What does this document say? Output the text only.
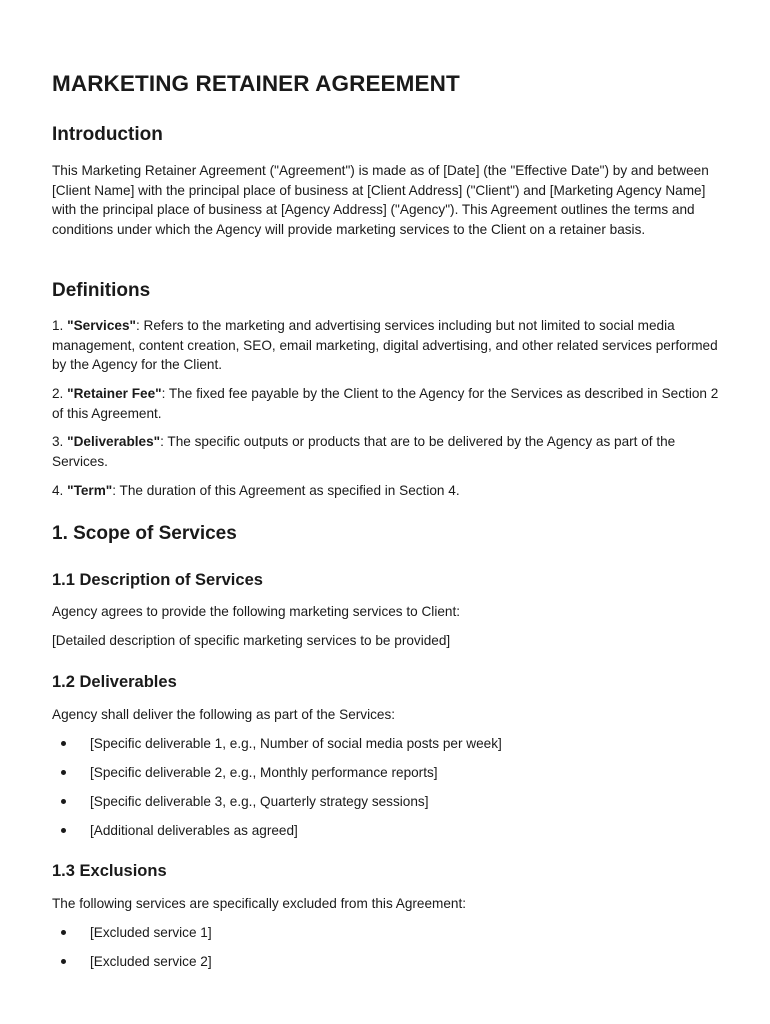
MARKETING RETAINER AGREEMENT
Introduction

This Marketing Retainer Agreement ("Agreement") is made as of [Date] (the "Effective Date") by and between [Client Name] with the principal place of business at [Client Address] ("Client") and [Marketing Agency Name] with the principal place of business at [Agency Address] ("Agency"). This Agreement outlines the terms and conditions under which the Agency will provide marketing services to the Client on a retainer basis.

Definitions

1. "Services": Refers to the marketing and advertising services including but not limited to social media management, content creation, SEO, email marketing, digital advertising, and other related services performed by the Agency for the Client.

2. "Retainer Fee": The fixed fee payable by the Client to the Agency for the Services as described in Section 2 of this Agreement.

3. "Deliverables": The specific outputs or products that are to be delivered by the Agency as part of the Services.

4. "Term": The duration of this Agreement as specified in Section 4.

1. Scope of Services
1.1 Description of Services

Agency agrees to provide the following marketing services to Client:

[Detailed description of specific marketing services to be provided]

1.2 Deliverables

Agency shall deliver the following as part of the Services:

[Specific deliverable 1, e.g., Number of social media posts per week]
[Specific deliverable 2, e.g., Monthly performance reports]
[Specific deliverable 3, e.g., Quarterly strategy sessions]
[Additional deliverables as agreed]
1.3 Exclusions

The following services are specifically excluded from this Agreement:

[Excluded service 1]
[Excluded service 2]
